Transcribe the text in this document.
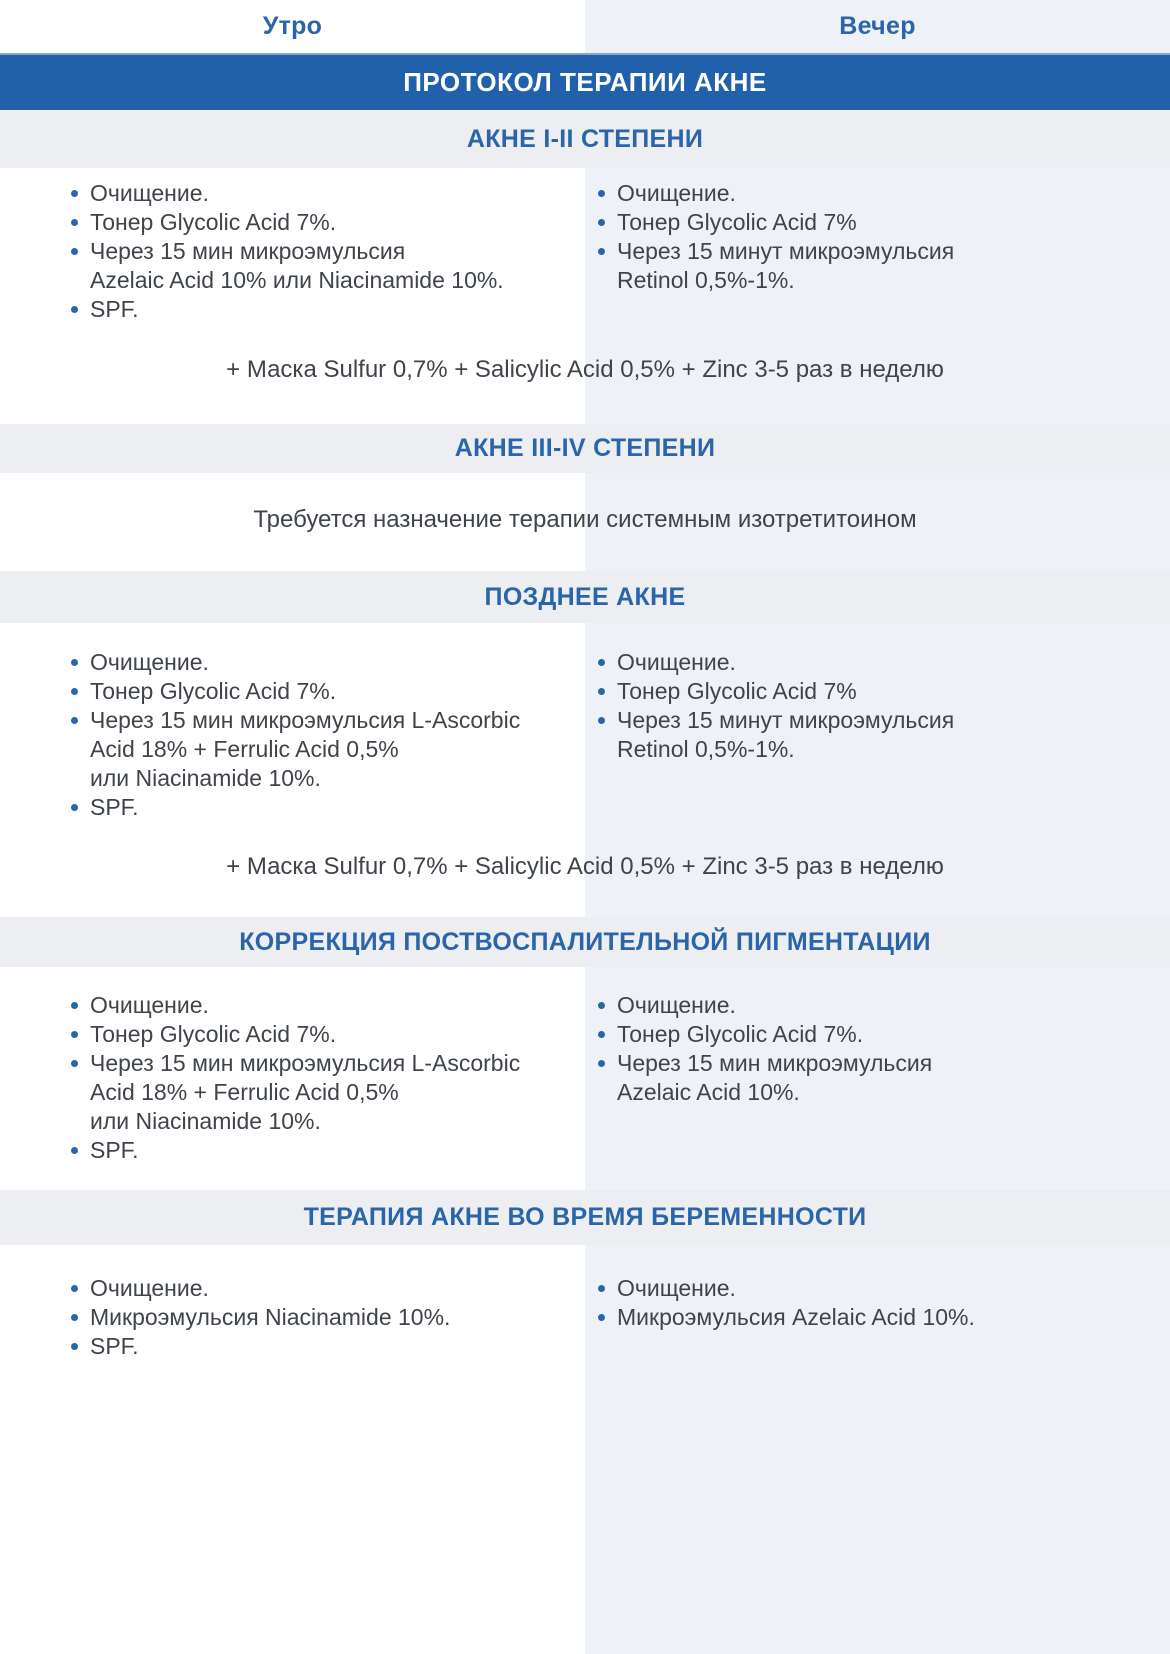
Утро	Вечер
ПРОТОКОЛ ТЕРАПИИ АКНЕ
АКНЕ I-II СТЕПЕНИ
Очищение.
Тонер Glycolic Acid 7%.
Через 15 мин микроэмульсия
Azelaic Acid 10% или Niacinamide 10%.
SPF.
Очищение.
Тонер Glycolic Acid 7%
Через 15 минут микроэмульсия
Retinol 0,5%-1%.

+ Маска Sulfur 0,7% + Salicylic Acid 0,5% + Zinc 3-5 раз в неделю

АКНЕ III-IV СТЕПЕНИ

Требуется назначение терапии системным изотретитоином

ПОЗДНЕЕ АКНЕ
Очищение.
Тонер Glycolic Acid 7%.
Через 15 мин микроэмульсия L-Ascorbic
Acid 18% + Ferrulic Acid 0,5%
или Niacinamide 10%.
SPF.
Очищение.
Тонер Glycolic Acid 7%
Через 15 минут микроэмульсия
Retinol 0,5%-1%.

+ Маска Sulfur 0,7% + Salicylic Acid 0,5% + Zinc 3-5 раз в неделю

КОРРЕКЦИЯ ПОСТВОСПАЛИТЕЛЬНОЙ ПИГМЕНТАЦИИ
Очищение.
Тонер Glycolic Acid 7%.
Через 15 мин микроэмульсия L-Ascorbic
Acid 18% + Ferrulic Acid 0,5%
или Niacinamide 10%.
SPF.
Очищение.
Тонер Glycolic Acid 7%.
Через 15 мин микроэмульсия
Azelaic Acid 10%.
ТЕРАПИЯ АКНЕ ВО ВРЕМЯ БЕРЕМЕННОСТИ
Очищение.
Микроэмульсия Niacinamide 10%.
SPF.
Очищение.
Микроэмульсия Azelaic Acid 10%.
